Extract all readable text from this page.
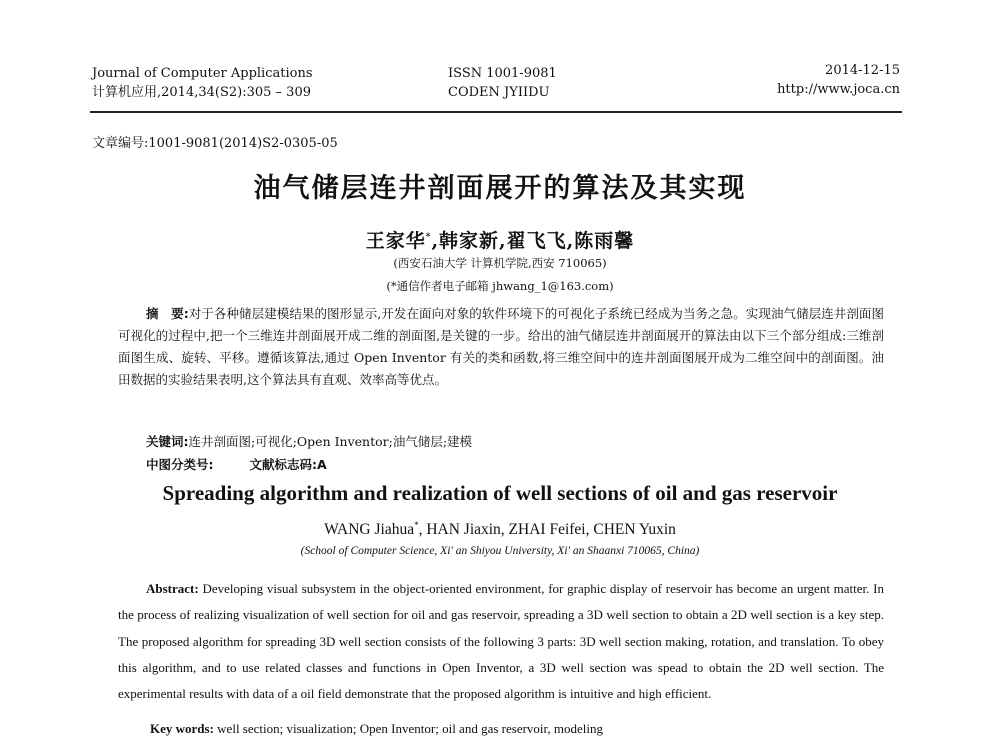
Journal of Computer Applications
计算机应用,2014,34(S2):305 – 309
ISSN 1001-9081
CODEN JYIIDU
2014-12-15
http://www.joca.cn
文章编号:1001-9081(2014)S2-0305-05
油气储层连井剖面展开的算法及其实现
王家华*,韩家新,翟飞飞,陈雨馨
(西安石油大学 计算机学院,西安 710065)
(*通信作者电子邮箱 jhwang_1@163.com)
摘　要:对于各种储层建模结果的图形显示,开发在面向对象的软件环境下的可视化子系统已经成为当务之急。实现油气储层连井剖面图可视化的过程中,把一个三维连井剖面展开成二维的剖面图,是关键的一步。给出的油气储层连井剖面展开的算法由以下三个部分组成:三维剖面图生成、旋转、平移。遵循该算法,通过 Open Inventor 有关的类和函数,将三维空间中的连井剖面图展开成为二维空间中的剖面图。油田数据的实验结果表明,这个算法具有直观、效率高等优点。
关键词:连井剖面图;可视化;Open Inventor;油气储层;建模
中图分类号:	文献标志码:A
Spreading algorithm and realization of well sections of oil and gas reservoir
WANG Jiahua*, HAN Jiaxin, ZHAI Feifei, CHEN Yuxin
(School of Computer Science, Xi' an Shiyou University, Xi' an Shaanxi 710065, China)
Abstract: Developing visual subsystem in the object-oriented environment, for graphic display of reservoir has become an urgent matter. In the process of realizing visualization of well section for oil and gas reservoir, spreading a 3D well section to obtain a 2D well section is a key step. The proposed algorithm for spreading 3D well section consists of the following 3 parts: 3D well section making, rotation, and translation. To obey this algorithm, and to use related classes and functions in Open Inventor, a 3D well section was spead to obtain the 2D well section. The experimental results with data of a oil field demonstrate that the proposed algorithm is intuitive and high efficient.
Key words: well section; visualization; Open Inventor; oil and gas reservoir, modeling
